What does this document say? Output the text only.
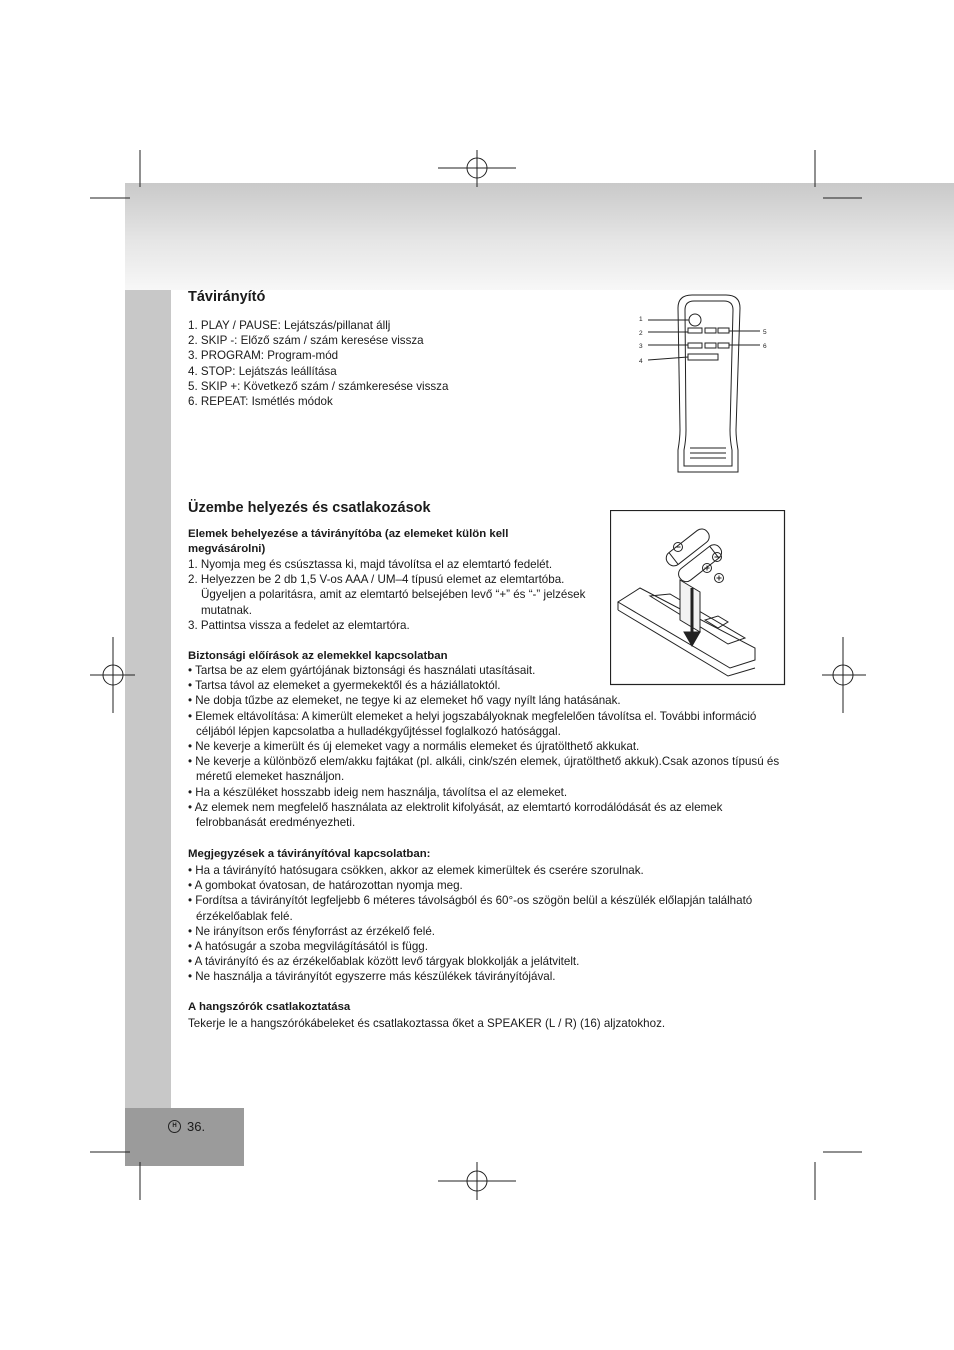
Távirányító
1. PLAY / PAUSE: Lejátszás/pillanat állj
2. SKIP -: Előző szám / szám keresése vissza
3. PROGRAM: Program-mód
4. STOP: Lejátszás leállítása
5. SKIP +: Következő szám / számkeresése vissza
6. REPEAT: Ismétlés módok
1
2
3
4
5
6
Üzembe helyezés és csatlakozások
Elemek behelyezése a távirányítóba (az elemeket külön kell megvásárolni)
1. Nyomja meg és csúsztassa ki, majd távolítsa el az elemtartó fedelét.
2. Helyezzen be 2 db 1,5 V-os AAA / UM–4 típusú elemet az elemtartóba. Ügyeljen a polaritásra, amit az elemtartó belsejében levő “+” és “-” jelzések mutatnak.
3. Pattintsa vissza a fedelet az elemtartóra.
Biztonsági előírások az elemekkel kapcsolatban
• Tartsa be az elem gyártójának biztonsági és használati utasításait.
• Tartsa távol az elemeket a gyermekektől és a háziállatoktól.
• Ne dobja tűzbe az elemeket, ne tegye ki az elemeket hő vagy nyílt láng hatásának.
• Elemek eltávolítása: A kimerült elemeket a helyi jogszabályoknak megfelelően távolítsa el. További információ céljából lépjen kapcsolatba a hulladékgyűjtéssel foglalkozó hatósággal.
• Ne keverje a kimerült és új elemeket vagy a normális elemeket és újratölthető akkukat.
• Ne keverje a különböző elem/akku fajtákat (pl. alkáli, cink/szén elemek, újratölthető akkuk).Csak azonos típusú és méretű elemeket használjon.
• Ha a készüléket hosszabb ideig nem használja, távolítsa el az elemeket.
• Az elemek nem megfelelő használata az elektrolit kifolyását, az elemtartó korrodálódását és az elemek felrobbanását eredményezheti.
Megjegyzések a távirányítóval kapcsolatban:
• Ha a távirányító hatósugara csökken, akkor az elemek kimerültek és cserére szorulnak.
• A gombokat óvatosan, de határozottan nyomja meg.
• Fordítsa a távirányítót legfeljebb 6 méteres távolságból és 60°-os szögön belül a készülék előlapján található érzékelőablak felé.
• Ne irányítson erős fényforrást az érzékelő felé.
• A hatósugár a szoba megvilágításától is függ.
• A távirányító és az érzékelőablak között levő tárgyak blokkolják a jelátvitelt.
• Ne használja a távirányítót egyszerre más készülékek távirányítójával.
A hangszórók csatlakoztatása
Tekerje le a hangszórókábeleket és csatlakoztassa őket a SPEAKER (L / R) (16) aljzatokhoz.
H 36.
